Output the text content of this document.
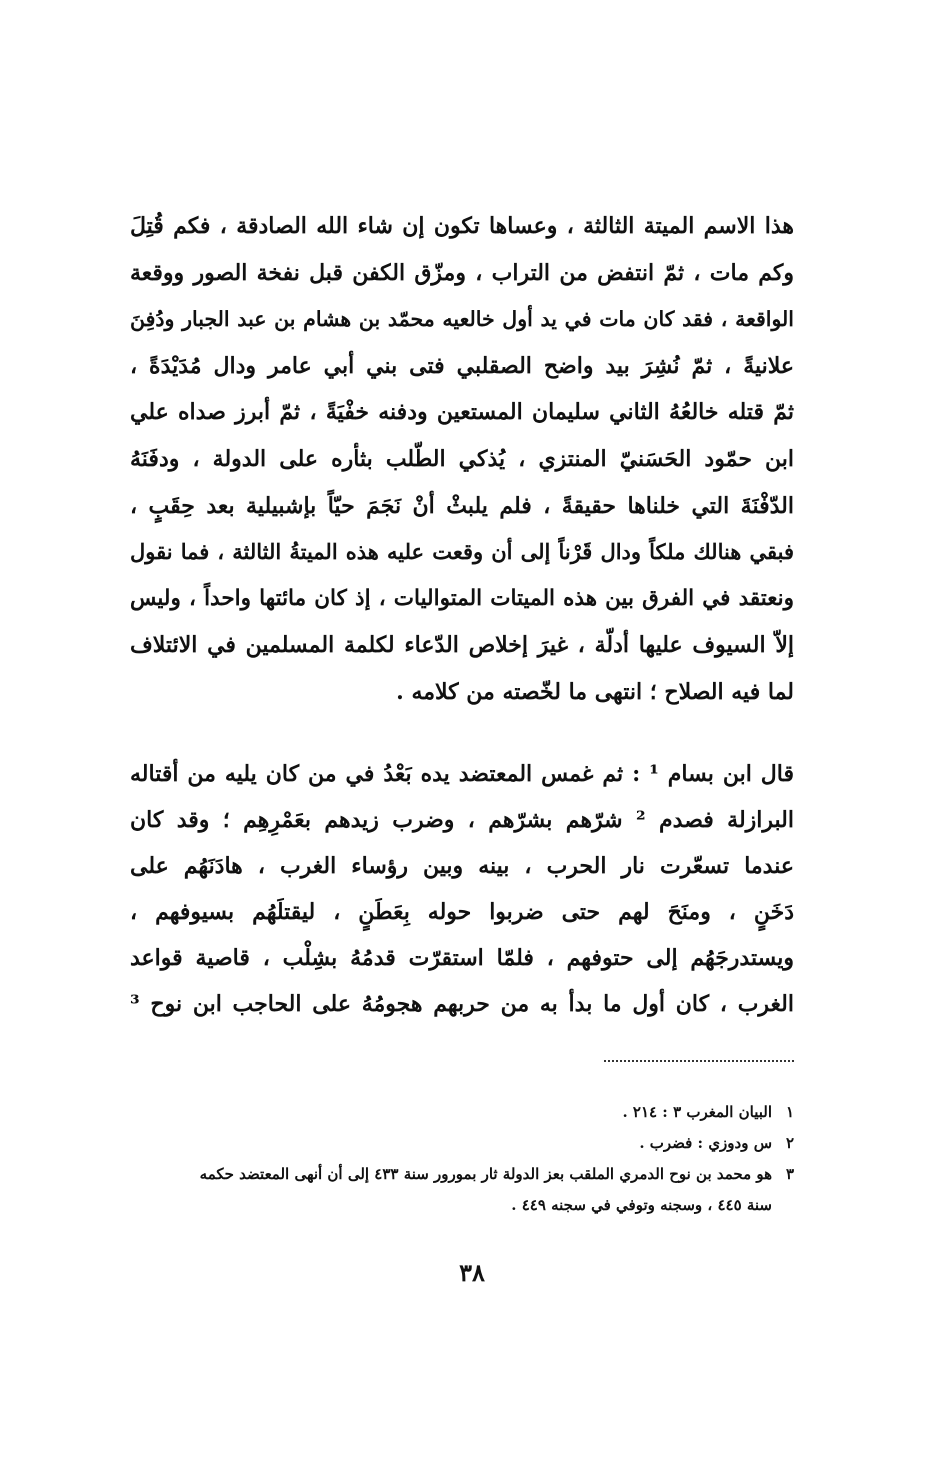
هذا الاسم الميتة الثالثة ، وعساها تكون إن شاء الله الصادقة ، فكم قُتِلَ
وكم مات ، ثمّ انتفض من التراب ، ومزّق الكفن قبل نفخة الصور ووقعة
الواقعة ، فقد كان مات في يد أول خالعيه محمّد بن هشام بن عبد الجبار ودُفِنَ
علانيةً ، ثمّ نُشِرَ بيد واضح الصقلبي فتى بني أبي عامر ودال مُدَيْدَةً ،
ثمّ قتله خالعُهُ الثاني سليمان المستعين ودفنه خفْيَةً ، ثمّ أبرز صداه علي
ابن حمّود الحَسَنيّ المنتزي ، يُذكي الطّلب بثأره على الدولة ، ودفَنَهُ
الدّفْنَةَ التي خلناها حقيقةً ، فلم يلبثْ أنْ نَجَمَ حيّاً بإشبيلية بعد حِقَبٍ ،
فبقي هنالك ملكاً ودال قَرْناً إلى أن وقعت عليه هذه الميتةُ الثالثة ، فما نقول
ونعتقد في الفرق بين هذه الميتات المتواليات ، إذ كان مائتها واحداً ، وليس
إلاّ السيوف عليها أدلّة ، غيرَ إخلاص الدّعاء لكلمة المسلمين في الائتلاف
لما فيه الصلاح ؛ انتهى ما لخّصته من كلامه .
قال ابن بسام ¹ : ثم غمس المعتضد يده بَعْدُ في من كان يليه من أقتاله
البرازلة فصدم ² شرّهم بشرّهم ، وضرب زيدهم بعَمْرِهِم ؛ وقد كان
عندما تسعّرت نار الحرب ، بينه وبين رؤساء الغرب ، هادَنَهُم على
دَخَنٍ ، ومنَحَ لهم حتى ضربوا حوله بِعَطَنٍ ، ليقتلَهُم بسيوفهم ،
ويستدرجَهُم إلى حتوفهم ، فلمّا استقرّت قدمُهُ بشِلْب ، قاصية قواعد
الغرب ، كان أول ما بدأ به من حربهم هجومُهُ على الحاجب ابن نوح ³
١البيان المغرب ٣ : ٢١٤ .
٢س ودوزي : فضرب .
٣هو محمد بن نوح الدمري الملقب بعز الدولة ثار بمورور سنة ٤٣٣ إلى أن أنهى المعتضد حكمه
سنة ٤٤٥ ، وسجنه وتوفي في سجنه ٤٤٩ .
٣٨
